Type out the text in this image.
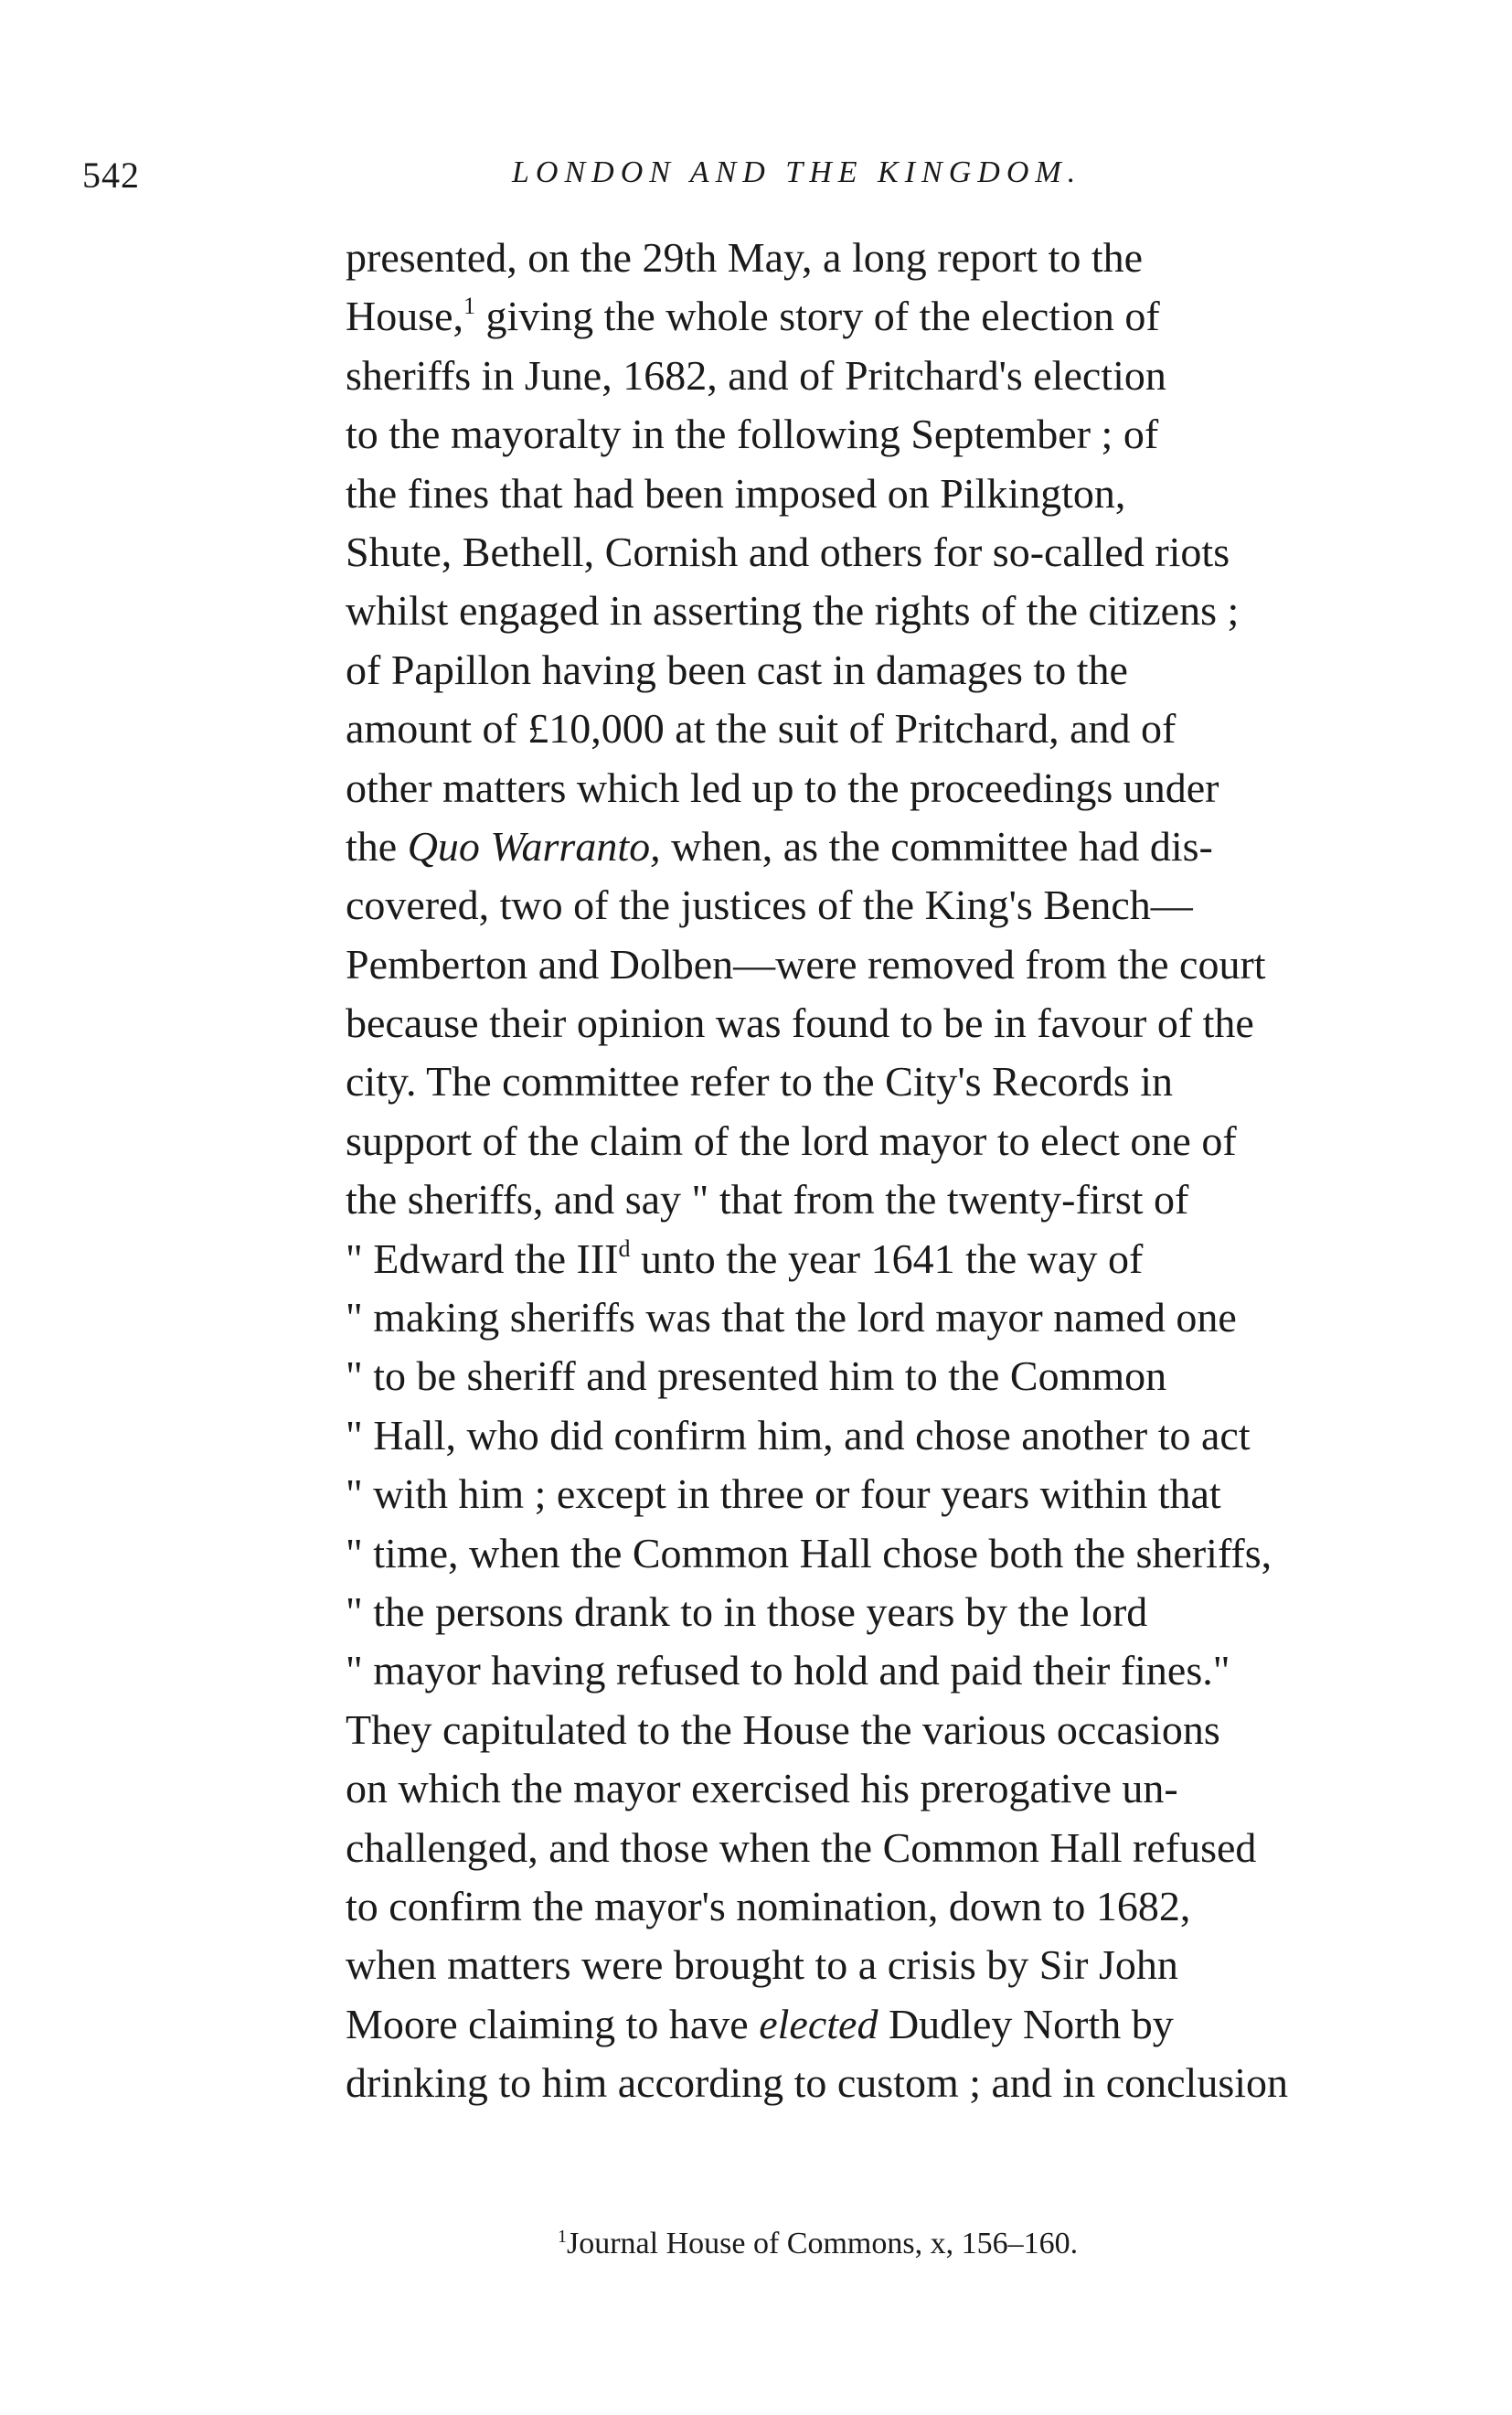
542	LONDON AND THE KINGDOM.
presented, on the 29th May, a long report to the
House,$^1$ giving the whole story of the election of
sheriffs in June, 1682, and of Pritchard's election
to the mayoralty in the following September ; of
the fines that had been imposed on Pilkington,
Shute, Bethell, Cornish and others for so-called riots
whilst engaged in asserting the rights of the citizens ;
of Papillon having been cast in damages to the
amount of £10,000 at the suit of Pritchard, and of
other matters which led up to the proceedings under
the Quo Warranto, when, as the committee had dis-
covered, two of the justices of the King's Bench—
Pemberton and Dolben—were removed from the court
because their opinion was found to be in favour of the
city. The committee refer to the City's Records in
support of the claim of the lord mayor to elect one of
the sheriffs, and say " that from the twenty-first of
" Edward the III$^d$ unto the year 1641 the way of
" making sheriffs was that the lord mayor named one
" to be sheriff and presented him to the Common
" Hall, who did confirm him, and chose another to act
" with him ; except in three or four years within that
" time, when the Common Hall chose both the sheriffs,
" the persons drank to in those years by the lord
" mayor having refused to hold and paid their fines."
They capitulated to the House the various occasions
on which the mayor exercised his prerogative un-
challenged, and those when the Common Hall refused
to confirm the mayor's nomination, down to 1682,
when matters were brought to a crisis by Sir John
Moore claiming to have elected Dudley North by
drinking to him according to custom ; and in conclusion
$^1$Journal House of Commons, x, 156–160.
